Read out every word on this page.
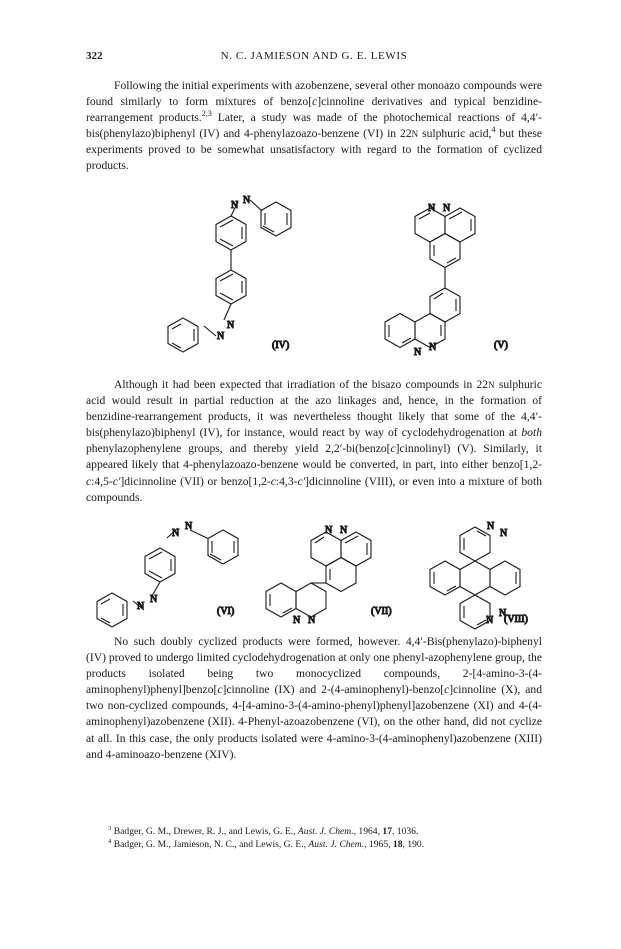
322	N. C. JAMIESON AND G. E. LEWIS

Following the initial experiments with azobenzene, several other monoazo compounds were found similarly to form mixtures of benzo[c]cinnoline derivatives and typical benzidine-rearrangement products.$^{2,3}$ Later, a study was made of the photochemical reactions of 4,4′-bis(phenylazo)biphenyl (IV) and 4-phenylazoazo-benzene (VI) in 22N sulphuric acid,$^4$ but these experiments proved to be somewhat unsatisfactory with regard to the formation of cyclized products.

N N
N
N
(IV)
N N
N N	(V)

Although it had been expected that irradiation of the bisazo compounds in 22N sulphuric acid would result in partial reduction at the azo linkages and, hence, in the formation of benzidine-rearrangement products, it was nevertheless thought likely that some of the 4,4′-bis(phenylazo)biphenyl (IV), for instance, would react by way of cyclodehydrogenation at both phenylazophenylene groups, and thereby yield 2,2′-bi(benzo[c]cinnolinyl) (V). Similarly, it appeared likely that 4-phenylazoazo-benzene would be converted, in part, into either benzo[1,2-c:4,5-c′]dicinnoline (VII) or benzo[1,2-c:4,3-c′]dicinnoline (VIII), or even into a mixture of both compounds.

N
N
N
N
(VI)
N N
N N
(VII)
N
N
N
N
(VIII)

No such doubly cyclized products were formed, however. 4,4′-Bis(phenylazo)-biphenyl (IV) proved to undergo limited cyclodehydrogenation at only one phenyl-azophenylene group, the products isolated being two monocyclized compounds, 2-[4-amino-3-(4-aminophenyl)phenyl]benzo[c]cinnoline (IX) and 2-(4-aminophenyl)-benzo[c]cinnoline (X), and two non-cyclized compounds, 4-[4-amino-3-(4-amino-phenyl)phenyl]azobenzene (XI) and 4-(4-aminophenyl)azobenzene (XII). 4-Phenyl-azoazobenzene (VI), on the other hand, did not cyclize at all. In this case, the only products isolated were 4-amino-3-(4-aminophenyl)azobenzene (XIII) and 4-aminoazo-benzene (XIV).

$^3$ Badger, G. M., Drewer, R. J., and Lewis, G. E., Aust. J. Chem., 1964, 17, 1036.

$^4$ Badger, G. M., Jamieson, N. C., and Lewis, G. E., Aust. J. Chem., 1965, 18, 190.
